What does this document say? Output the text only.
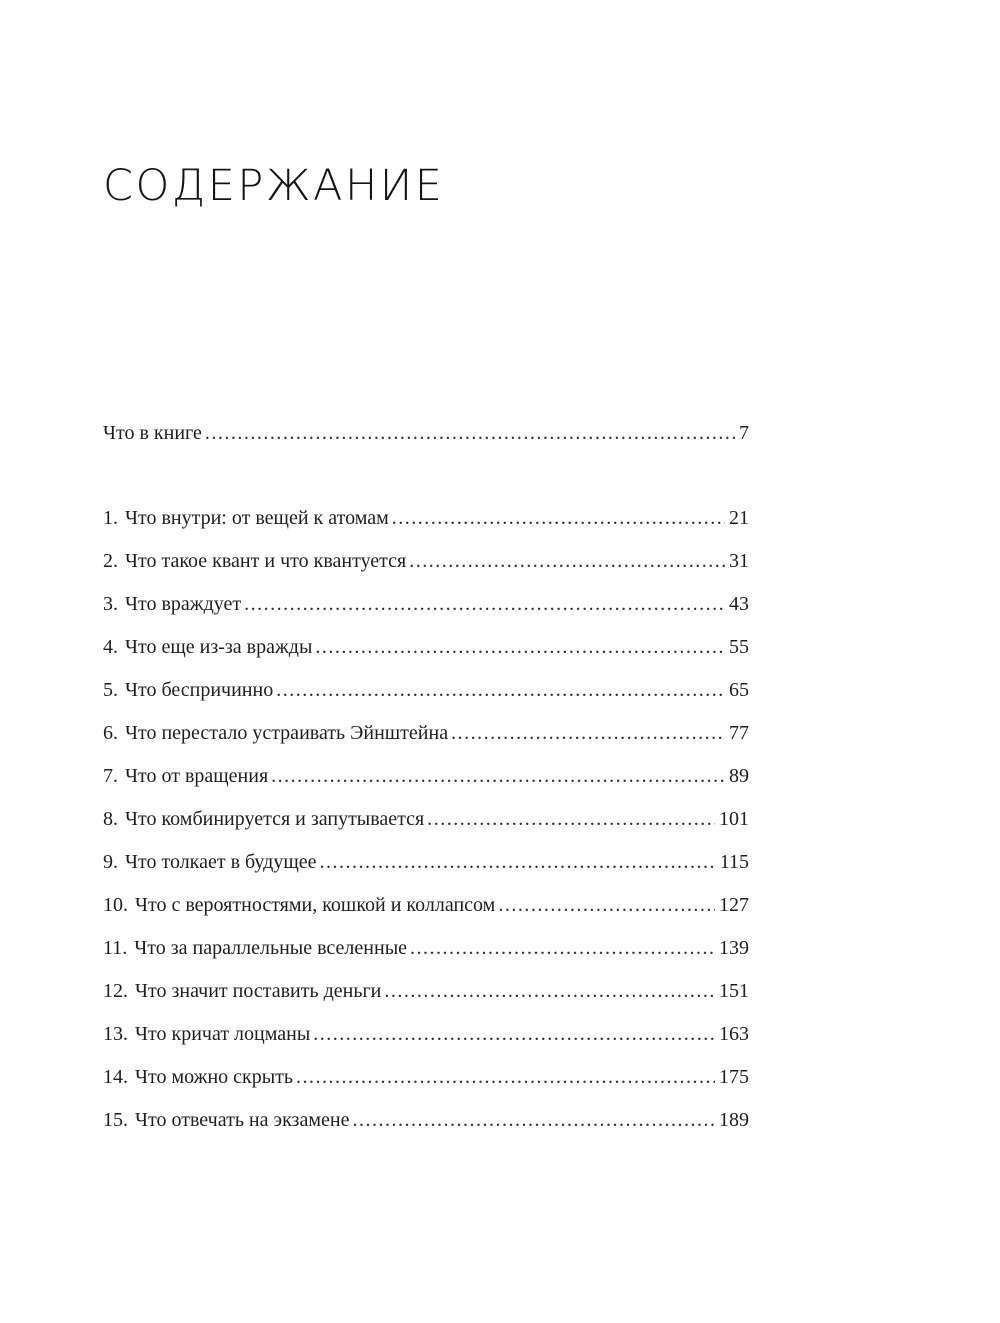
СОДЕРЖАНИЕ
Что в книге .....	7
1. Что внутри: от вещей к атомам .....	21
2. Что такое квант и что квантуется .....	31
3. Что враждует .....	43
4. Что еще из-за вражды .....	55
5. Что беспричинно .....	65
6. Что перестало устраивать Эйнштейна .....	77
7. Что от вращения .....	89
8. Что комбинируется и запутывается .....	101
9. Что толкает в будущее .....	115
10. Что с вероятностями, кошкой и коллапсом .....	127
11. Что за параллельные вселенные .....	139
12. Что значит поставить деньги .....	151
13. Что кричат лоцманы .....	163
14. Что можно скрыть .....	175
15. Что отвечать на экзамене .....	189
